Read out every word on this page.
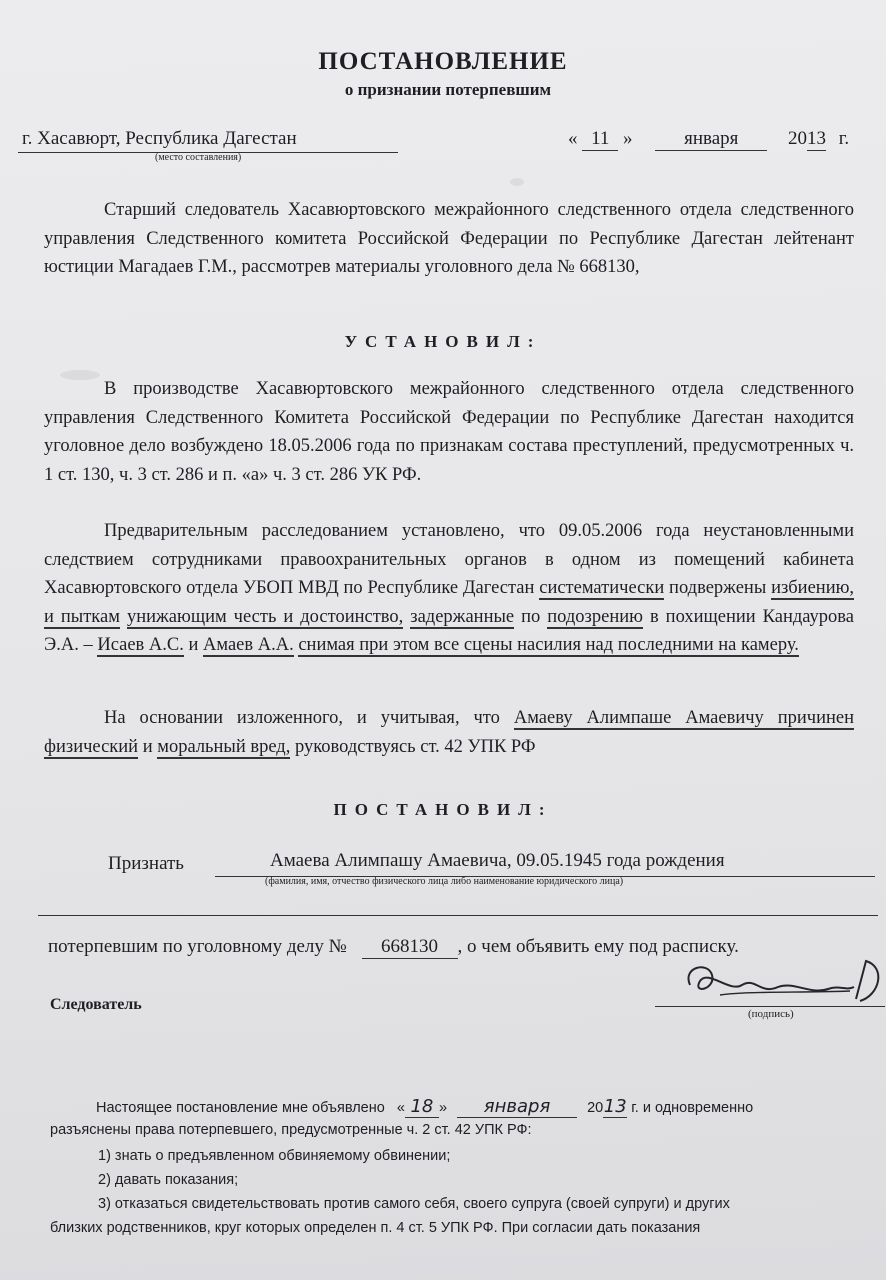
ПОСТАНОВЛЕНИЕ
о признании потерпевшим
г. Хасавюрт, Республика Дагестан
(место составления)
« 11 »	января	2013 г.
Старший следователь Хасавюртовского межрайонного следственного отдела следственного управления Следственного комитета Российской Федерации по Республике Дагестан лейтенант юстиции Магадаев Г.М., рассмотрев материалы уголовного дела № 668130,
УСТАНОВИЛ:
В производстве Хасавюртовского межрайонного следственного отдела следственного управления Следственного Комитета Российской Федерации по Республике Дагестан находится уголовное дело возбуждено 18.05.2006 года по признакам состава преступлений, предусмотренных ч. 1 ст. 130, ч. 3 ст. 286 и п. «а» ч. 3 ст. 286 УК РФ.
Предварительным расследованием установлено, что 09.05.2006 года неустановленными следствием сотрудниками правоохранительных органов в одном из помещений кабинета Хасавюртовского отдела УБОП МВД по Республике Дагестан систематически подвержены избиению, и пыткам унижающим честь и достоинство, задержанные по подозрению в похищении Кандаурова Э.А. – Исаев А.С. и Амаев А.А. снимая при этом все сцены насилия над последними на камеру.
На основании изложенного, и учитывая, что Амаеву Алимпаше Амаевичу причинен физический и моральный вред, руководствуясь ст. 42 УПК РФ
ПОСТАНОВИЛ:
Признать	Амаева Алимпашу Амаевича, 09.05.1945 года рождения
(фамилия, имя, отчество физического лица либо наименование юридического лица)
потерпевшим по уголовному делу № 668130 , о чем объявить ему под расписку.
Следователь
(подпись)
Настоящее постановление мне объявлено « 18 » января	2013 г. и одновременно
разъяснены права потерпевшего, предусмотренные ч. 2 ст. 42 УПК РФ:
1) знать о предъявленном обвиняемому обвинении;
2) давать показания;
3) отказаться свидетельствовать против самого себя, своего супруга (своей супруги) и других
близких родственников, круг которых определен п. 4 ст. 5 УПК РФ. При согласии дать показания
